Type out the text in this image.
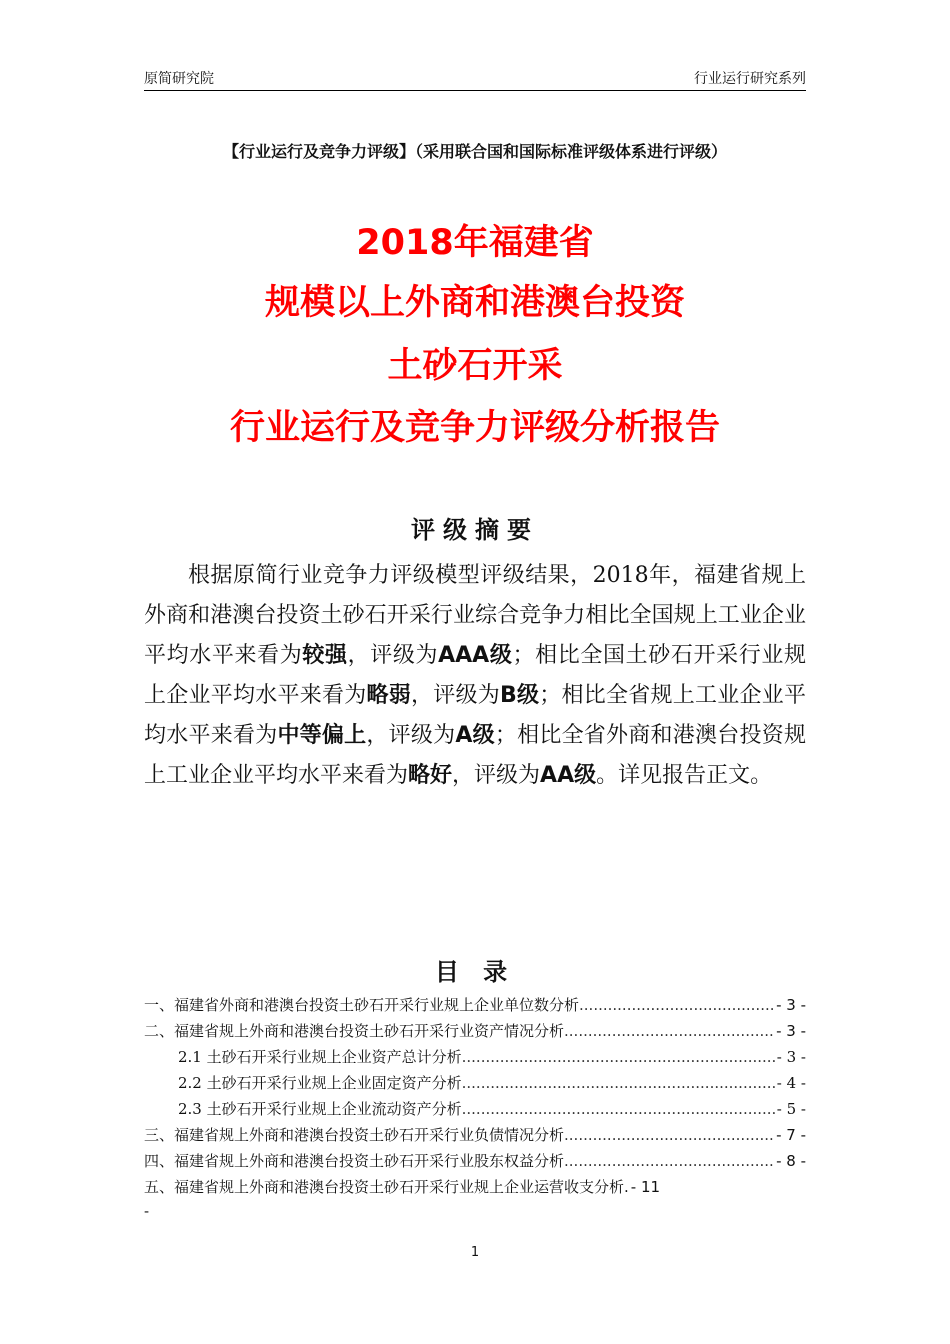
原简研究院	行业运行研究系列
【行业运行及竞争力评级】（采用联合国和国际标准评级体系进行评级）
2018年福建省
规模以上外商和港澳台投资
土砂石开采
行业运行及竞争力评级分析报告
评级摘要

根据原简行业竞争力评级模型评级结果，2018年，福建省规上外商和港澳台投资土砂石开采行业综合竞争力相比全国规上工业企业平均水平来看为较强，评级为AAA级；相比全国土砂石开采行业规上企业平均水平来看为略弱，评级为B级；相比全省规上工业企业平均水平来看为中等偏上，评级为A级；相比全省外商和港澳台投资规上工业企业平均水平来看为略好，评级为AA级。详见报告正文。

目 录
一、福建省外商和港澳台投资土砂石开采行业规上企业单位数分析 .....	- 3 -
二、福建省规上外商和港澳台投资土砂石开采行业资产情况分析 .....	- 3 -
2.1 土砂石开采行业规上企业资产总计分析 .....	- 3 -
2.2 土砂石开采行业规上企业固定资产分析 .....	- 4 -
2.3 土砂石开采行业规上企业流动资产分析 .....	- 5 -
三、福建省规上外商和港澳台投资土砂石开采行业负债情况分析 .....	- 7 -
四、福建省规上外商和港澳台投资土砂石开采行业股东权益分析 .....	- 8 -
五、福建省规上外商和港澳台投资土砂石开采行业规上企业运营收支分析. - 11
-
1
